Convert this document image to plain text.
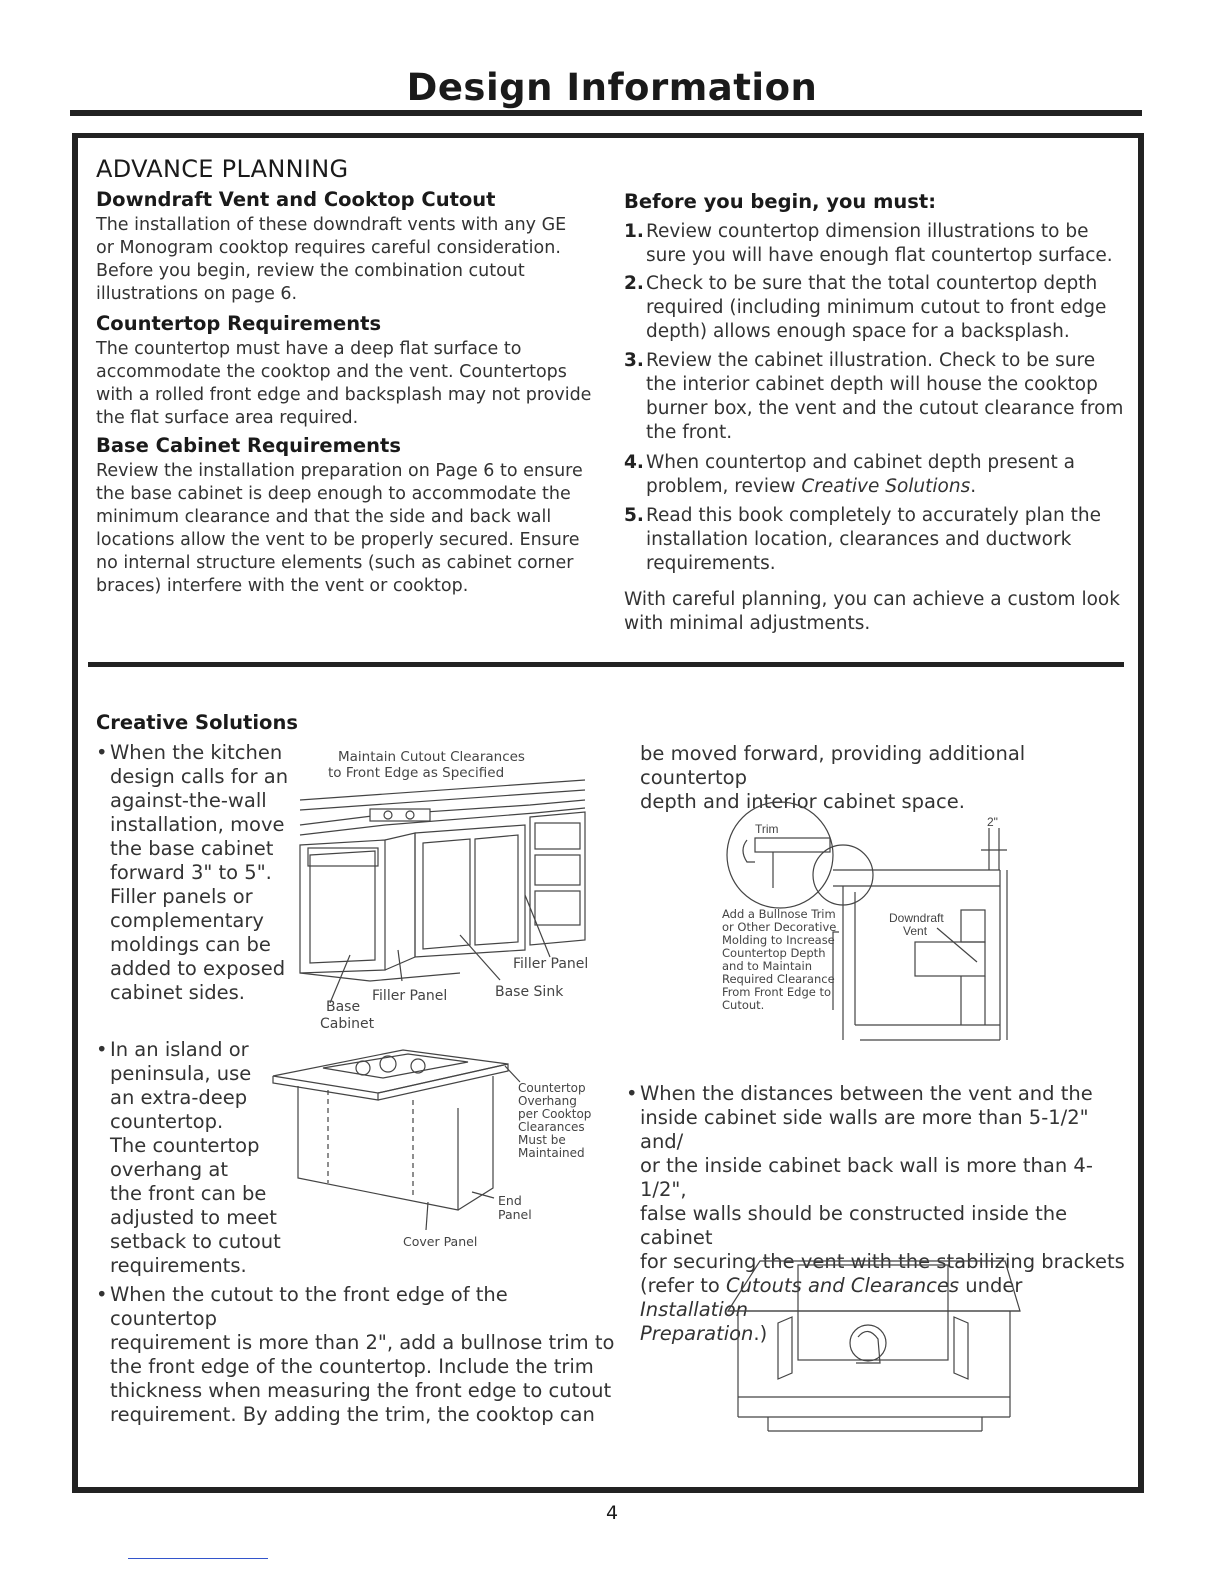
Design Information
ADVANCE PLANNING
Downdraft Vent and Cooktop Cutout
The installation of these downdraft vents with any GE
or Monogram cooktop requires careful consideration.
Before you begin, review the combination cutout
illustrations on page 6.
Countertop Requirements
The countertop must have a deep flat surface to
accommodate the cooktop and the vent. Countertops
with a rolled front edge and backsplash may not provide
the flat surface area required.
Base Cabinet Requirements
Review the installation preparation on Page 6 to ensure
the base cabinet is deep enough to accommodate the
minimum clearance and that the side and back wall
locations allow the vent to be properly secured. Ensure
no internal structure elements (such as cabinet corner
braces) interfere with the vent or cooktop.
Before you begin, you must:
1. Review countertop dimension illustrations to be
sure you will have enough flat countertop surface.
2. Check to be sure that the total countertop depth
required (including minimum cutout to front edge
depth) allows enough space for a backsplash.
3. Review the cabinet illustration. Check to be sure
the interior cabinet depth will house the cooktop
burner box, the vent and the cutout clearance from
the front.
4. When countertop and cabinet depth present a
problem, review Creative Solutions.
5. Read this book completely to accurately plan the
installation location, clearances and ductwork
requirements.
With careful planning, you can achieve a custom look
with minimal adjustments.
Creative Solutions
• When the kitchen
design calls for an
against-the-wall
installation, move
the base cabinet
forward 3" to 5".
Filler panels or
complementary
moldings can be
added to exposed
cabinet sides.
• In an island or
peninsula, use
an extra-deep
countertop.
The countertop
overhang at
the front can be
adjusted to meet
setback to cutout
requirements.
• When the cutout to the front edge of the countertop
requirement is more than 2", add a bullnose trim to
the front edge of the countertop. Include the trim
thickness when measuring the front edge to cutout
requirement. By adding the trim, the cooktop can
be moved forward, providing additional countertop
depth and interior cabinet space.
• When the distances between the vent and the
inside cabinet side walls are more than 5-1/2" and/
or the inside cabinet back wall is more than 4-1/2",
false walls should be constructed inside the cabinet
for securing the vent with the stabilizing brackets
(refer to Cutouts and Clearances under Installation
Preparation.)
Maintain Cutout Clearances
to Front Edge as Specified
Filler Panel
Filler Panel	Base Sink
Base
Cabinet
Countertop
Overhang
per Cooktop
Clearances
Must be
Maintained
End
Panel
Cover Panel
Trim	2"
Downdraft
Vent
Add a Bullnose Trim
or Other Decorative
Molding to Increase
Countertop Depth
and to Maintain
Required Clearance
From Front Edge to
Cutout.
4
